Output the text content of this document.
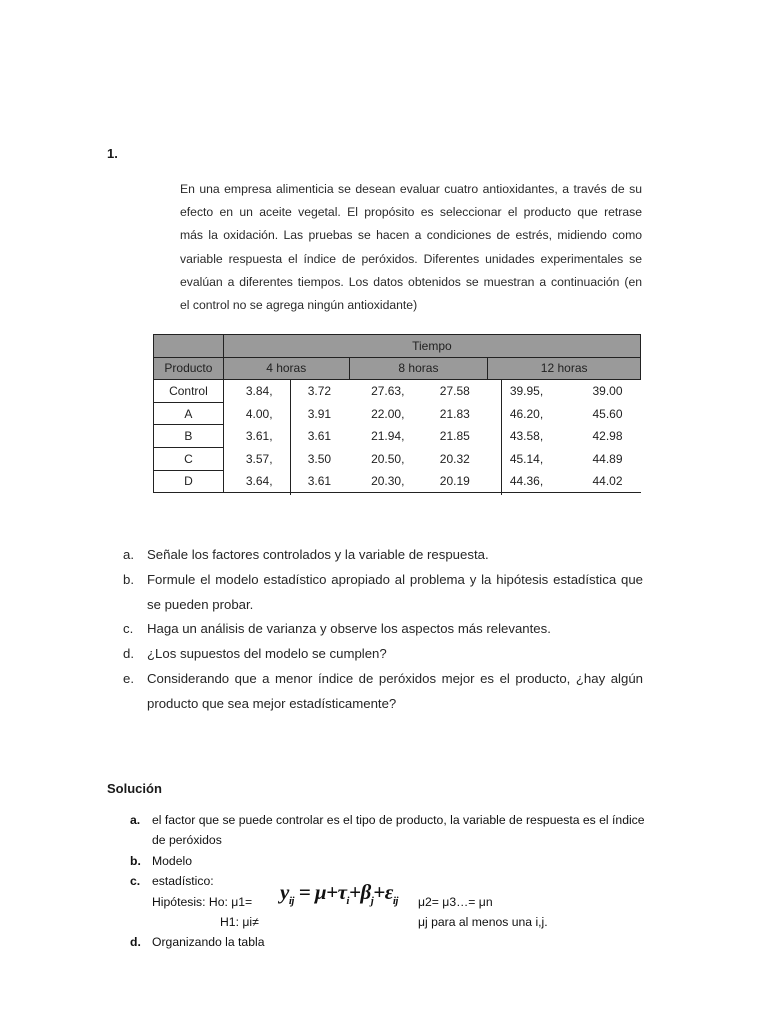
1.
En una empresa alimenticia se desean evaluar cuatro antioxidantes, a través de su
efecto en un aceite vegetal. El propósito es seleccionar el producto que retrase
más la oxidación. Las pruebas se hacen a condiciones de estrés, midiendo como
variable respuesta el índice de peróxidos. Diferentes unidades experimentales se
evalúan a diferentes tiempos. Los datos obtenidos se muestran a continuación (en
el control no se agrega ningún antioxidante)
	Tiempo					
Producto	4 horas		8 horas		12 horas	
Control	3.84,	3.72	27.63,	27.58	39.95,	39.00
A	4.00,	3.91	22.00,	21.83	46.20,	45.60
B	3.61,	3.61	21.94,	21.85	43.58,	42.98
C	3.57,	3.50	20.50,	20.32	45.14,	44.89
D	3.64,	3.61	20.30,	20.19	44.36,	44.02
a. Señale los factores controlados y la variable de respuesta.
b. Formule el modelo estadístico apropiado al problema y la hipótesis estadística que se pueden probar.
c. Haga un análisis de varianza y observe los aspectos más relevantes.
d. ¿Los supuestos del modelo se cumplen?
e. Considerando que a menor índice de peróxidos mejor es el producto, ¿hay algún producto que sea mejor estadísticamente?
Solución
a. el factor que se puede controlar es el tipo de producto, la variable de respuesta es el índice de peróxidos
b. Modelo
c. estadístico:
Hipótesis: Ho: μ1=	μ2= μ3…= μn
H1: μi≠	μj para al menos una i,j.
d. Organizando la tabla
$y_{ij} = \mu+\tau_i+\beta_j+\varepsilon_{ij}$
